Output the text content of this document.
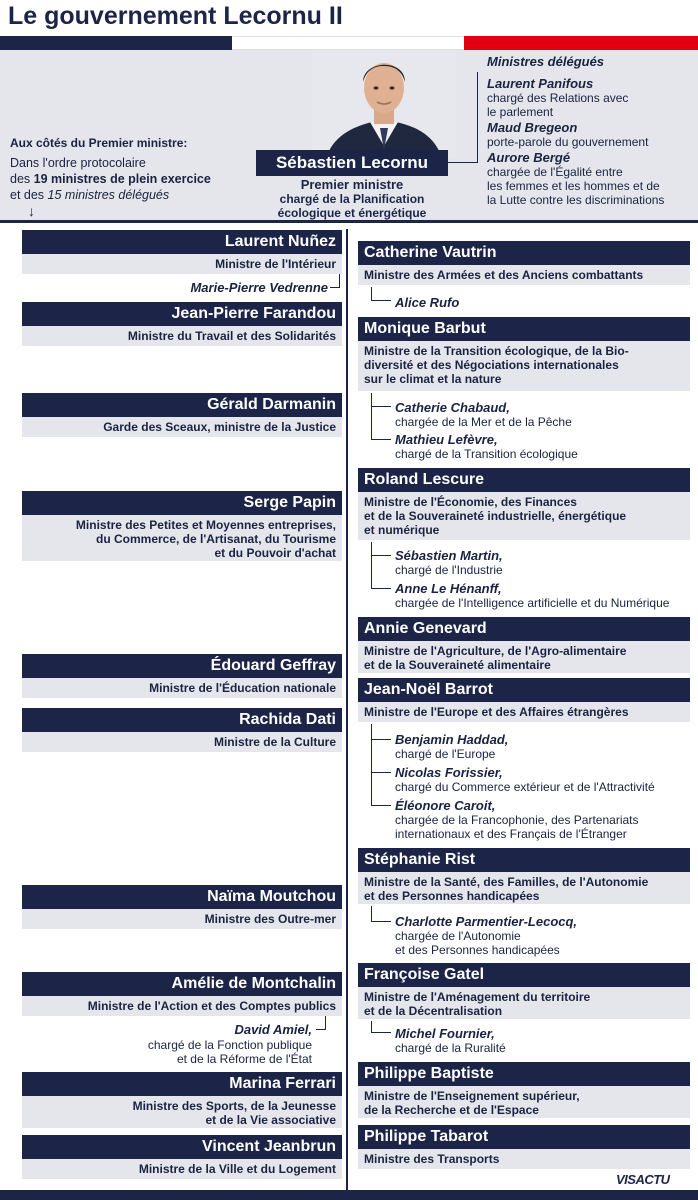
Le gouvernement Lecornu II
Sébastien Lecornu
Premier ministre
chargé de la Planification
écologique et énergétique
Aux côtés du Premier ministre:
Dans l'ordre protocolaire
des 19 ministres de plein exercice
et des 15 ministres délégués
↓
Ministres délégués
Laurent Panifous
chargé des Relations avec
le parlement
Maud Bregeon
porte-parole du gouvernement
Aurore Bergé
chargée de l'Égalité entre
les femmes et les hommes et de
la Lutte contre les discriminations
Laurent Nuñez
Ministre de l'Intérieur
Marie-Pierre Vedrenne
Jean-Pierre Farandou
Ministre du Travail et des Solidarités
Gérald Darmanin
Garde des Sceaux, ministre de la Justice
Serge Papin
Ministre des Petites et Moyennes entreprises,
du Commerce, de l'Artisanat, du Tourisme
et du Pouvoir d'achat
Édouard Geffray
Ministre de l'Éducation nationale
Rachida Dati
Ministre de la Culture
Naïma Moutchou
Ministre des Outre-mer
Amélie de Montchalin
Ministre de l'Action et des Comptes publics
David Amiel,
chargé de la Fonction publique
et de la Réforme de l'État
Marina Ferrari
Ministre des Sports, de la Jeunesse
et de la Vie associative
Vincent Jeanbrun
Ministre de la Ville et du Logement
Catherine Vautrin
Ministre des Armées et des Anciens combattants
Alice Rufo
Monique Barbut
Ministre de la Transition écologique, de la Bio-
diversité et des Négociations internationales
sur le climat et la nature
Catherie Chabaud,
chargée de la Mer et de la Pêche
Mathieu Lefèvre,
chargé de la Transition écologique
Roland Lescure
Ministre de l'Économie, des Finances
et de la Souveraineté industrielle, énergétique
et numérique
Sébastien Martin,
chargé de l'Industrie
Anne Le Hénanff,
chargée de l'Intelligence artificielle et du Numérique
Annie Genevard
Ministre de l'Agriculture, de l'Agro-alimentaire
et de la Souveraineté alimentaire
Jean-Noël Barrot
Ministre de l'Europe et des Affaires étrangères
Benjamin Haddad,
chargé de l'Europe
Nicolas Forissier,
chargé du Commerce extérieur et de l'Attractivité
Éléonore Caroit,
chargée de la Francophonie, des Partenariats
internationaux et des Français de l'Étranger
Stéphanie Rist
Ministre de la Santé, des Familles, de l'Autonomie
et des Personnes handicapées
Charlotte Parmentier-Lecocq,
chargée de l'Autonomie
et des Personnes handicapées
Françoise Gatel
Ministre de l'Aménagement du territoire
et de la Décentralisation
Michel Fournier,
chargé de la Ruralité
Philippe Baptiste
Ministre de l'Enseignement supérieur,
de la Recherche et de l'Espace
Philippe Tabarot
Ministre des Transports
VISACTU
